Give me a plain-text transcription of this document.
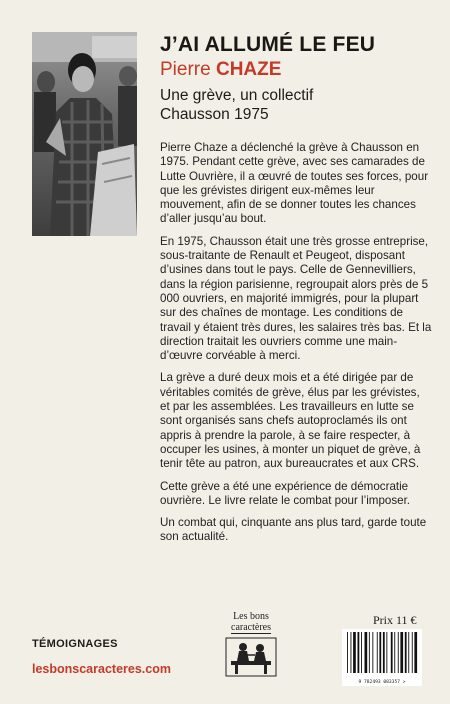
J’AI ALLUMÉ LE FEU
Pierre CHAZE
Une grève, un collectif
Chausson 1975

Pierre Chaze a déclenché la grève à Chausson en 1975. Pendant cette grève, avec ses camarades de Lutte Ouvrière, il a œuvré de toutes ses forces, pour que les grévistes dirigent eux-mêmes leur mouvement, afin de se donner toutes les chances d’aller jusqu’au bout.

En 1975, Chausson était une très grosse entreprise, sous-traitante de Renault et Peugeot, disposant d’usines dans tout le pays. Celle de Gennevilliers, dans la région parisienne, regroupait alors près de 5 000 ouvriers, en majorité immigrés, pour la plupart sur des chaînes de montage. Les conditions de travail y étaient très dures, les salaires très bas. Et la direction traitait les ouvriers comme une main-d’œuvre corvéable à merci.

La grève a duré deux mois et a été dirigée par de véritables comités de grève, élus par les grévistes, et par les assemblées. Les travailleurs en lutte se sont organisés sans chefs autoproclamés ils ont appris à prendre la parole, à se faire respecter, à occuper les usines, à monter un piquet de grève, à tenir tête au patron, aux bureaucrates et aux CRS.

Cette grève a été une expérience de démocratie ouvrière. Le livre relate le combat pour l’imposer.

Un combat qui, cinquante ans plus tard, garde toute son actualité.

TÉMOIGNAGES
lesbonscaracteres.com
Les bons
caractères
Prix 11 €
9 782493 083357 >
